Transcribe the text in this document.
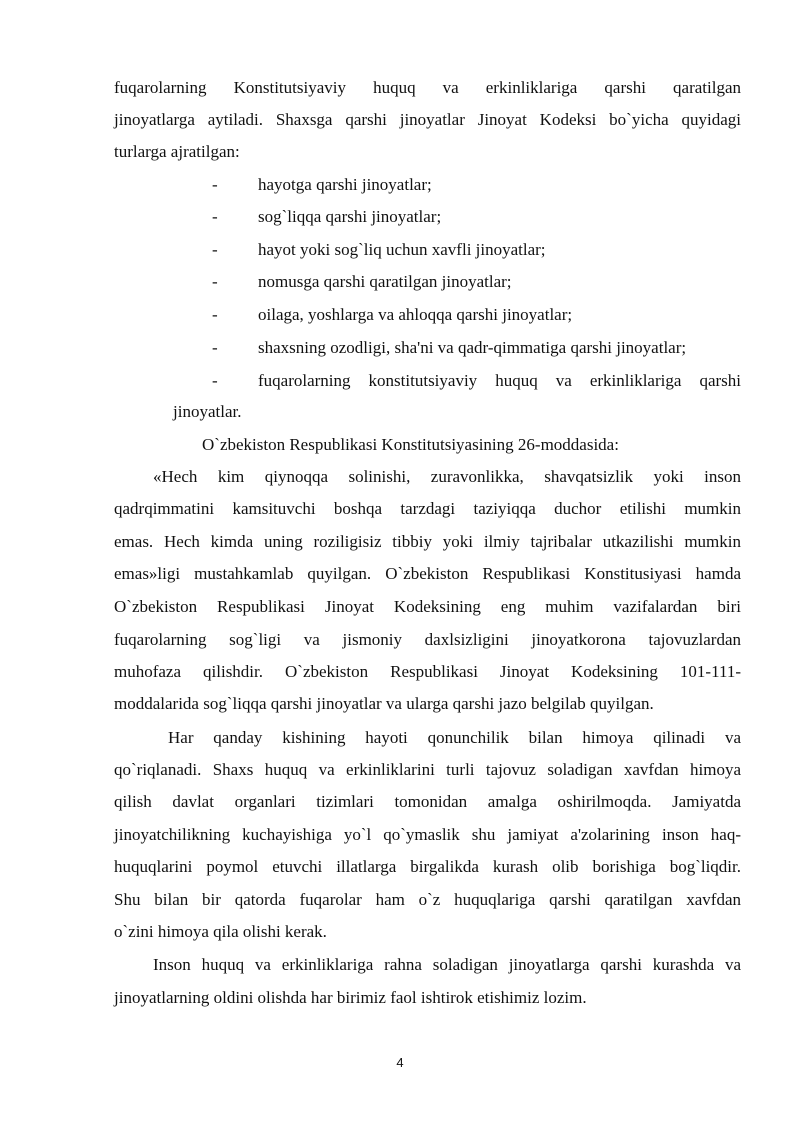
fuqarolarning Konstitutsiyaviy huquq va erkinliklariga qarshi qaratilgan
jinoyatlarga aytiladi. Shaxsga qarshi jinoyatlar Jinoyat Kodeksi bo`yicha quyidagi
turlarga ajratilgan:
- hayotga qarshi jinoyatlar;
- sog`liqqa qarshi jinoyatlar;
- hayot yoki sog`liq uchun xavfli jinoyatlar;
- nomusga qarshi qaratilgan jinoyatlar;
- oilaga, yoshlarga va ahloqqa qarshi jinoyatlar;
- shaxsning ozodligi, sha'ni va qadr-qimmatiga qarshi jinoyatlar;
- fuqarolarning konstitutsiyaviy huquq va erkinliklariga qarshi
jinoyatlar.
O`zbekiston Respublikasi Konstitutsiyasining 26-moddasida:
«Hech kim qiynoqqa solinishi, zuravonlikka, shavqatsizlik yoki inson
qadrqimmatini kamsituvchi boshqa tarzdagi taziyiqqa duchor etilishi mumkin
emas. Hech kimda uning roziligisiz tibbiy yoki ilmiy tajribalar utkazilishi mumkin
emas»ligi mustahkamlab quyilgan. O`zbekiston Respublikasi Konstitusiyasi hamda
O`zbekiston Respublikasi Jinoyat Kodeksining eng muhim vazifalardan biri
fuqarolarning sog`ligi va jismoniy daxlsizligini jinoyatkorona tajovuzlardan
muhofaza qilishdir. O`zbekiston Respublikasi Jinoyat Kodeksining 101-111-
moddalarida sog`liqqa qarshi jinoyatlar va ularga qarshi jazo belgilab quyilgan.
Har qanday kishining hayoti qonunchilik bilan himoya qilinadi va
qo`riqlanadi. Shaxs huquq va erkinliklarini turli tajovuz soladigan xavfdan himoya
qilish davlat organlari tizimlari tomonidan amalga oshirilmoqda. Jamiyatda
jinoyatchilikning kuchayishiga yo`l qo`ymaslik shu jamiyat a'zolarining inson haq-
huquqlarini poymol etuvchi illatlarga birgalikda kurash olib borishiga bog`liqdir.
Shu bilan bir qatorda fuqarolar ham o`z huquqlariga qarshi qaratilgan xavfdan
o`zini himoya qila olishi kerak.
Inson huquq va erkinliklariga rahna soladigan jinoyatlarga qarshi kurashda va
jinoyatlarning oldini olishda har birimiz faol ishtirok etishimiz lozim.
4
